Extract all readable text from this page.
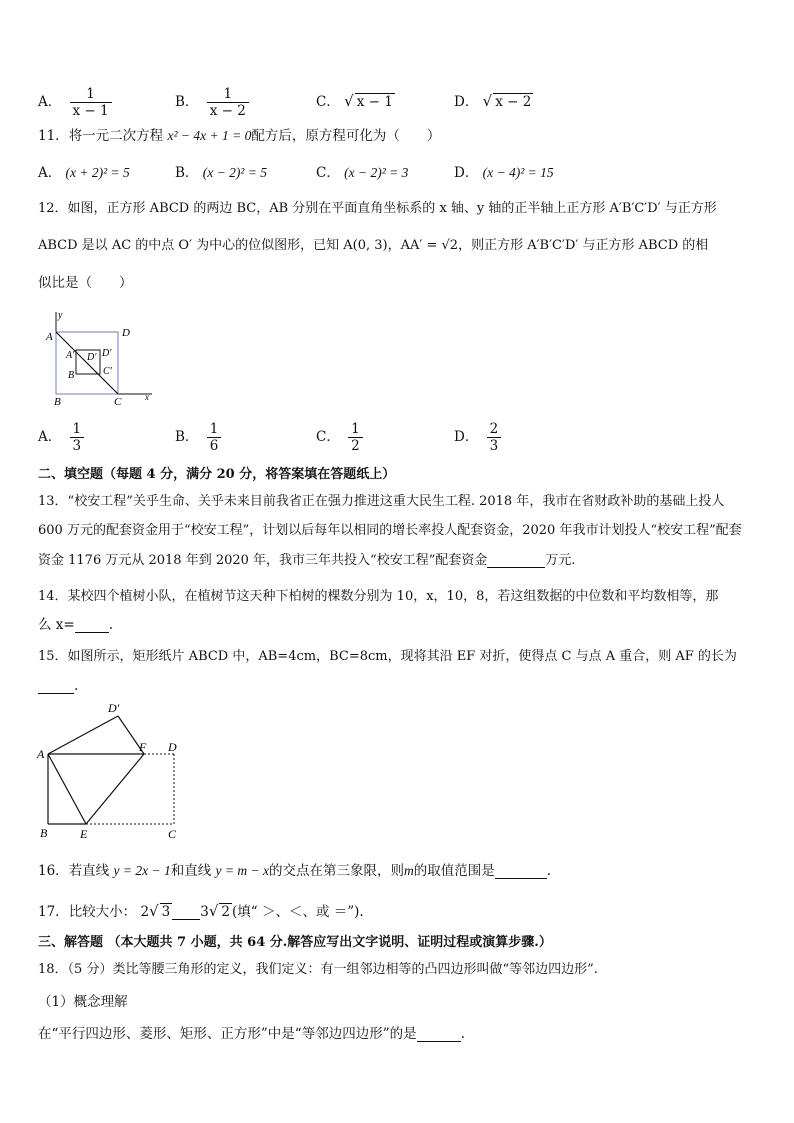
A． $\frac{1}{x - 1}$	B． $\frac{1}{x - 2}$	C． √ x − 1	D． √ x − 2
11．将一元二次方程 x² − 4x + 1 = 0配方后，原方程可化为（　　）
A． (x + 2)² = 5	B． (x − 2)² = 5	C． (x − 2)² = 3	D． (x − 4)² = 15
12．如图，正方形 ABCD 的两边 BC，AB 分别在平面直角坐标系的 x 轴、y 轴的正半轴上正方形 A′B′C′D′ 与正方形
ABCD 是以 AC 的中点 O′ 为中心的位似图形，已知 A(0, 3)，AA′ = √2，则正方形 A′B′C′D′ 与正方形 ABCD 的相
似比是（　　）
y
x
A	D
B	C
A′ D′ D′
B	C′
A． $\frac{1}{3}$	B． $\frac{1}{6}$	C． $\frac{1}{2}$	D． $\frac{2}{3}$
二、填空题（每题 4 分，满分 20 分，将答案填在答题纸上）
13．“校安工程”关乎生命、关乎未来目前我省正在强力推进这重大民生工程. 2018 年，我市在省财政补助的基础上投人
600 万元的配套资金用于“校安工程”，计划以后每年以相同的增长率投人配套资金，2020 年我市计划投人“校安工程”配套
资金 1176 万元从 2018 年到 2020 年，我市三年共投入“校安工程”配套资金	万元.
14．某校四个植树小队，在植树节这天种下柏树的棵数分别为 10，x，10，8，若这组数据的中位数和平均数相等，那
么 x=	.
15．如图所示，矩形纸片 ABCD 中，AB=4cm，BC=8cm，现将其沿 EF 对折，使得点 C 与点 A 重合，则 AF 的长为
.
D′
A	F D
B	E	C
16．若直线 y = 2x − 1和直线 y = m − x的交点在第三象限，则m的取值范围是	.
17．比较大小： 2√ 3 3√ 2 (填“ ＞、＜、或 ＝”).
三、解答题 （本大题共 7 小题，共 64 分.解答应写出文字说明、证明过程或演算步骤.）
18．（5 分）类比等腰三角形的定义，我们定义：有一组邻边相等的凸四边形叫做“等邻边四边形”.
（1）概念理解
在“平行四边形、菱形、矩形、正方形”中是“等邻边四边形”的是	.
